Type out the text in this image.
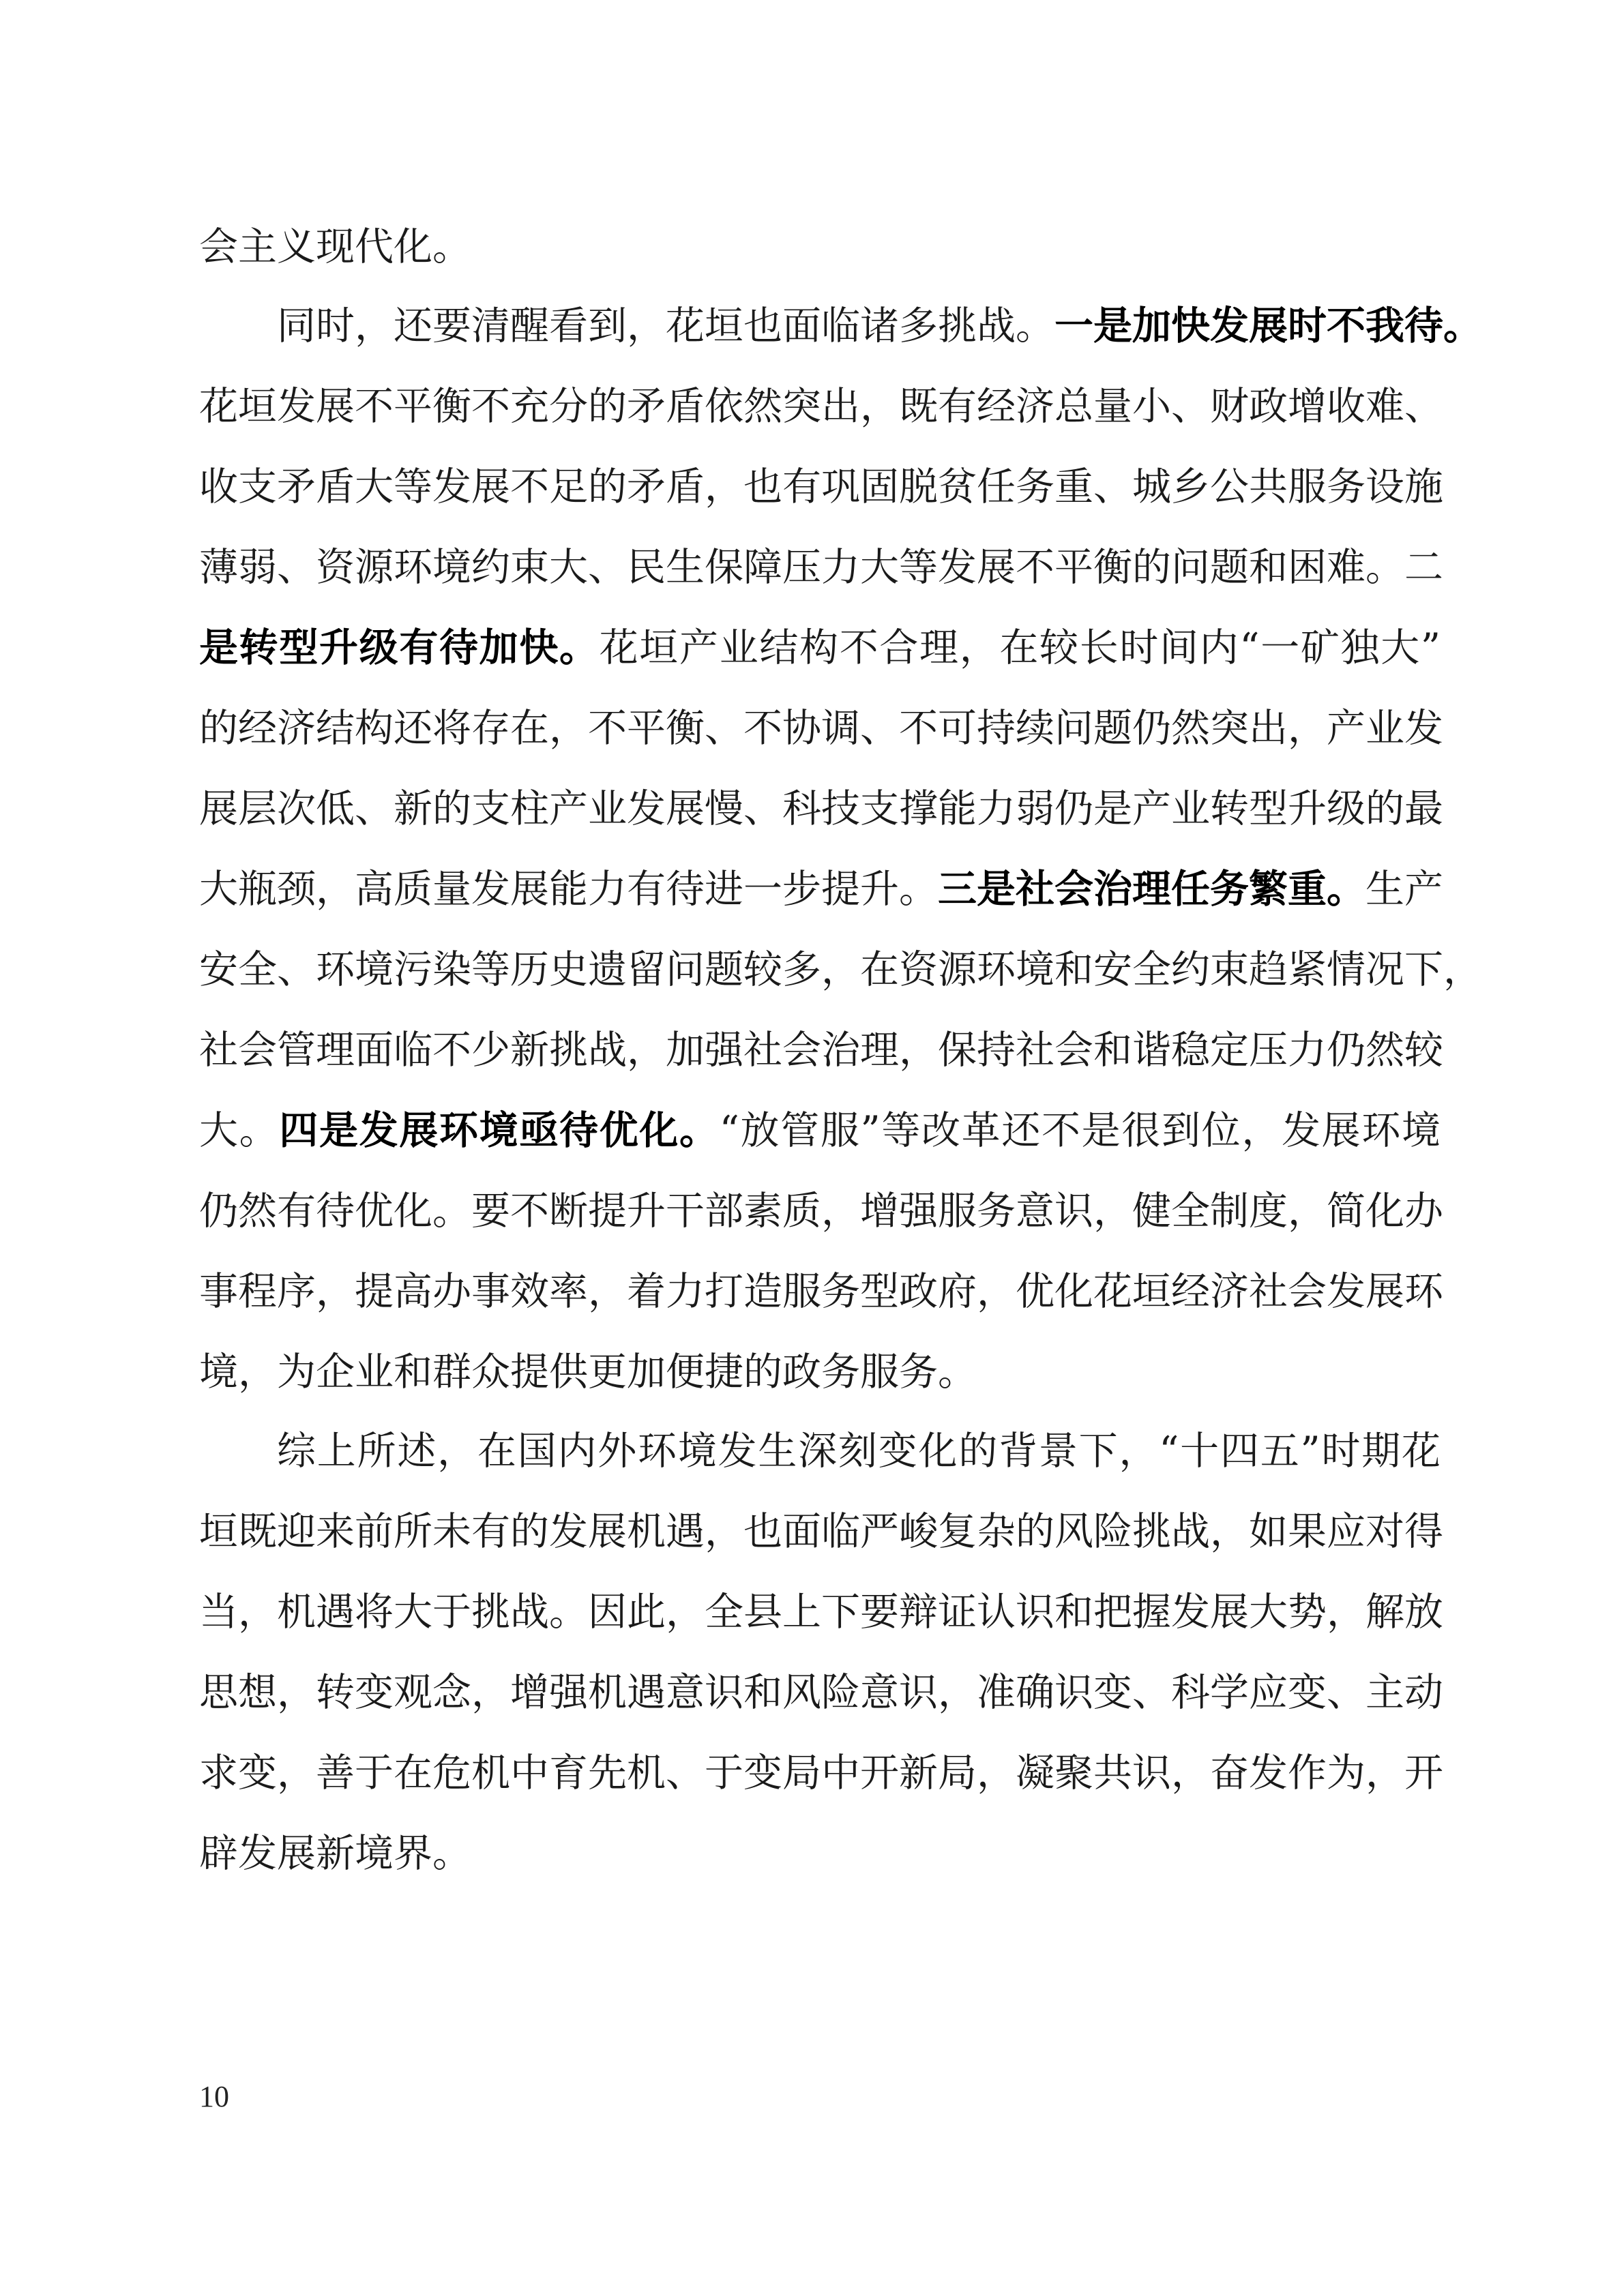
会主义现代化。

同时，还要清醒看到，花垣也面临诸多挑战。一是加快发展时不我待。

花垣发展不平衡不充分的矛盾依然突出，既有经济总量小、财政增收难、

收支矛盾大等发展不足的矛盾，也有巩固脱贫任务重、城乡公共服务设施

薄弱、资源环境约束大、民生保障压力大等发展不平衡的问题和困难。二

是转型升级有待加快。花垣产业结构不合理，在较长时间内“一矿独大”

的经济结构还将存在，不平衡、不协调、不可持续问题仍然突出，产业发

展层次低、新的支柱产业发展慢、科技支撑能力弱仍是产业转型升级的最

大瓶颈，高质量发展能力有待进一步提升。三是社会治理任务繁重。生产

安全、环境污染等历史遗留问题较多，在资源环境和安全约束趋紧情况下，

社会管理面临不少新挑战，加强社会治理，保持社会和谐稳定压力仍然较

大。四是发展环境亟待优化。“放管服”等改革还不是很到位，发展环境

仍然有待优化。要不断提升干部素质，增强服务意识，健全制度，简化办

事程序，提高办事效率，着力打造服务型政府，优化花垣经济社会发展环

境，为企业和群众提供更加便捷的政务服务。

综上所述，在国内外环境发生深刻变化的背景下，“十四五”时期花

垣既迎来前所未有的发展机遇，也面临严峻复杂的风险挑战，如果应对得

当，机遇将大于挑战。因此，全县上下要辩证认识和把握发展大势，解放

思想，转变观念，增强机遇意识和风险意识，准确识变、科学应变、主动

求变，善于在危机中育先机、于变局中开新局，凝聚共识，奋发作为，开

辟发展新境界。

10
